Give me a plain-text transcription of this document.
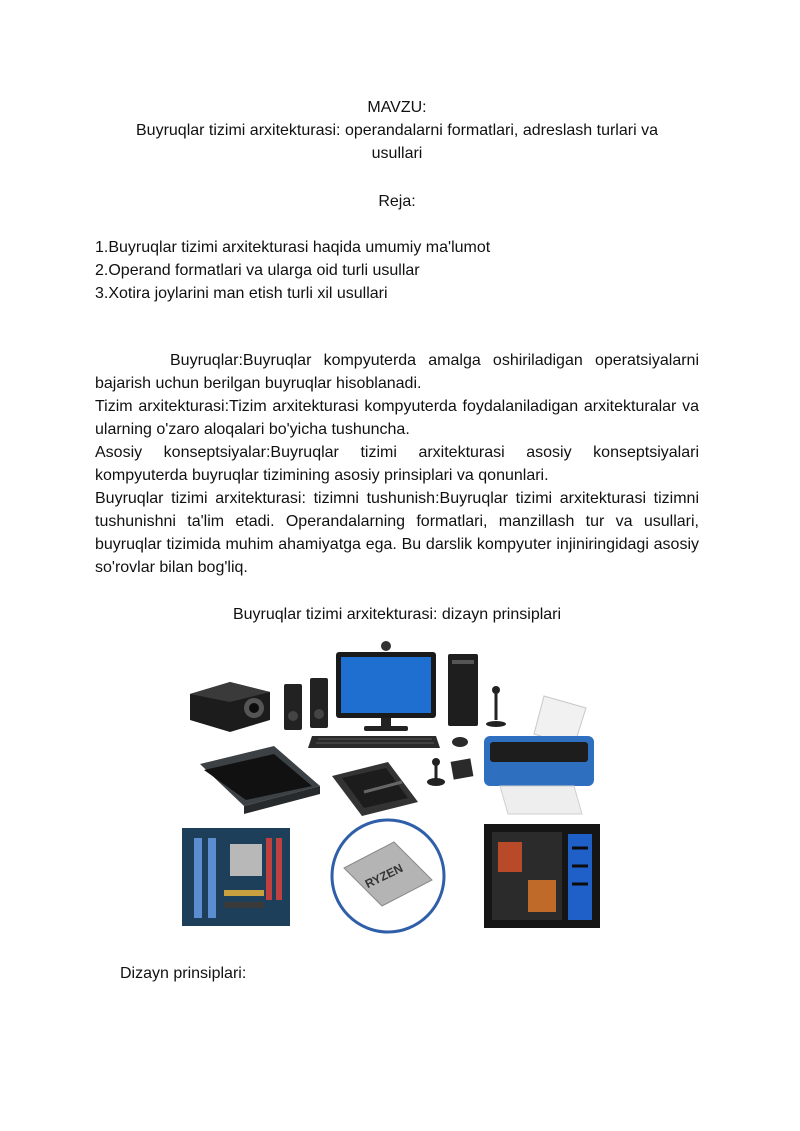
MAVZU:
Buyruqlar tizimi arxitekturasi: operandalarni formatlari, adreslash turlari va
usullari
Reja:
1.Buyruqlar tizimi arxitekturasi haqida umumiy ma'lumot
2.Operand formatlari va ularga oid turli usullar
3.Xotira joylarini man etish turli xil usullari

Buyruqlar:Buyruqlar kompyuterda amalga oshiriladigan operatsiyalarni bajarish uchun berilgan buyruqlar hisoblanadi.

Tizim arxitekturasi:Tizim arxitekturasi kompyuterda foydalaniladigan arxitekturalar va ularning o'zaro aloqalari bo'yicha tushuncha.

Asosiy konseptsiyalar:Buyruqlar tizimi arxitekturasi asosiy konseptsiyalari kompyuterda buyruqlar tizimining asosiy prinsiplari va qonunlari.

Buyruqlar tizimi arxitekturasi: tizimni tushunish:Buyruqlar tizimi arxitekturasi tizimni tushunishni ta'lim etadi. Operandalarning formatlari, manzillash tur va usullari, buyruqlar tizimida muhim ahamiyatga ega. Bu darslik kompyuter injiniringidagi asosiy so'rovlar bilan bog'liq.

Buyruqlar tizimi arxitekturasi: dizayn prinsiplari
RYZEN
Dizayn prinsiplari:
